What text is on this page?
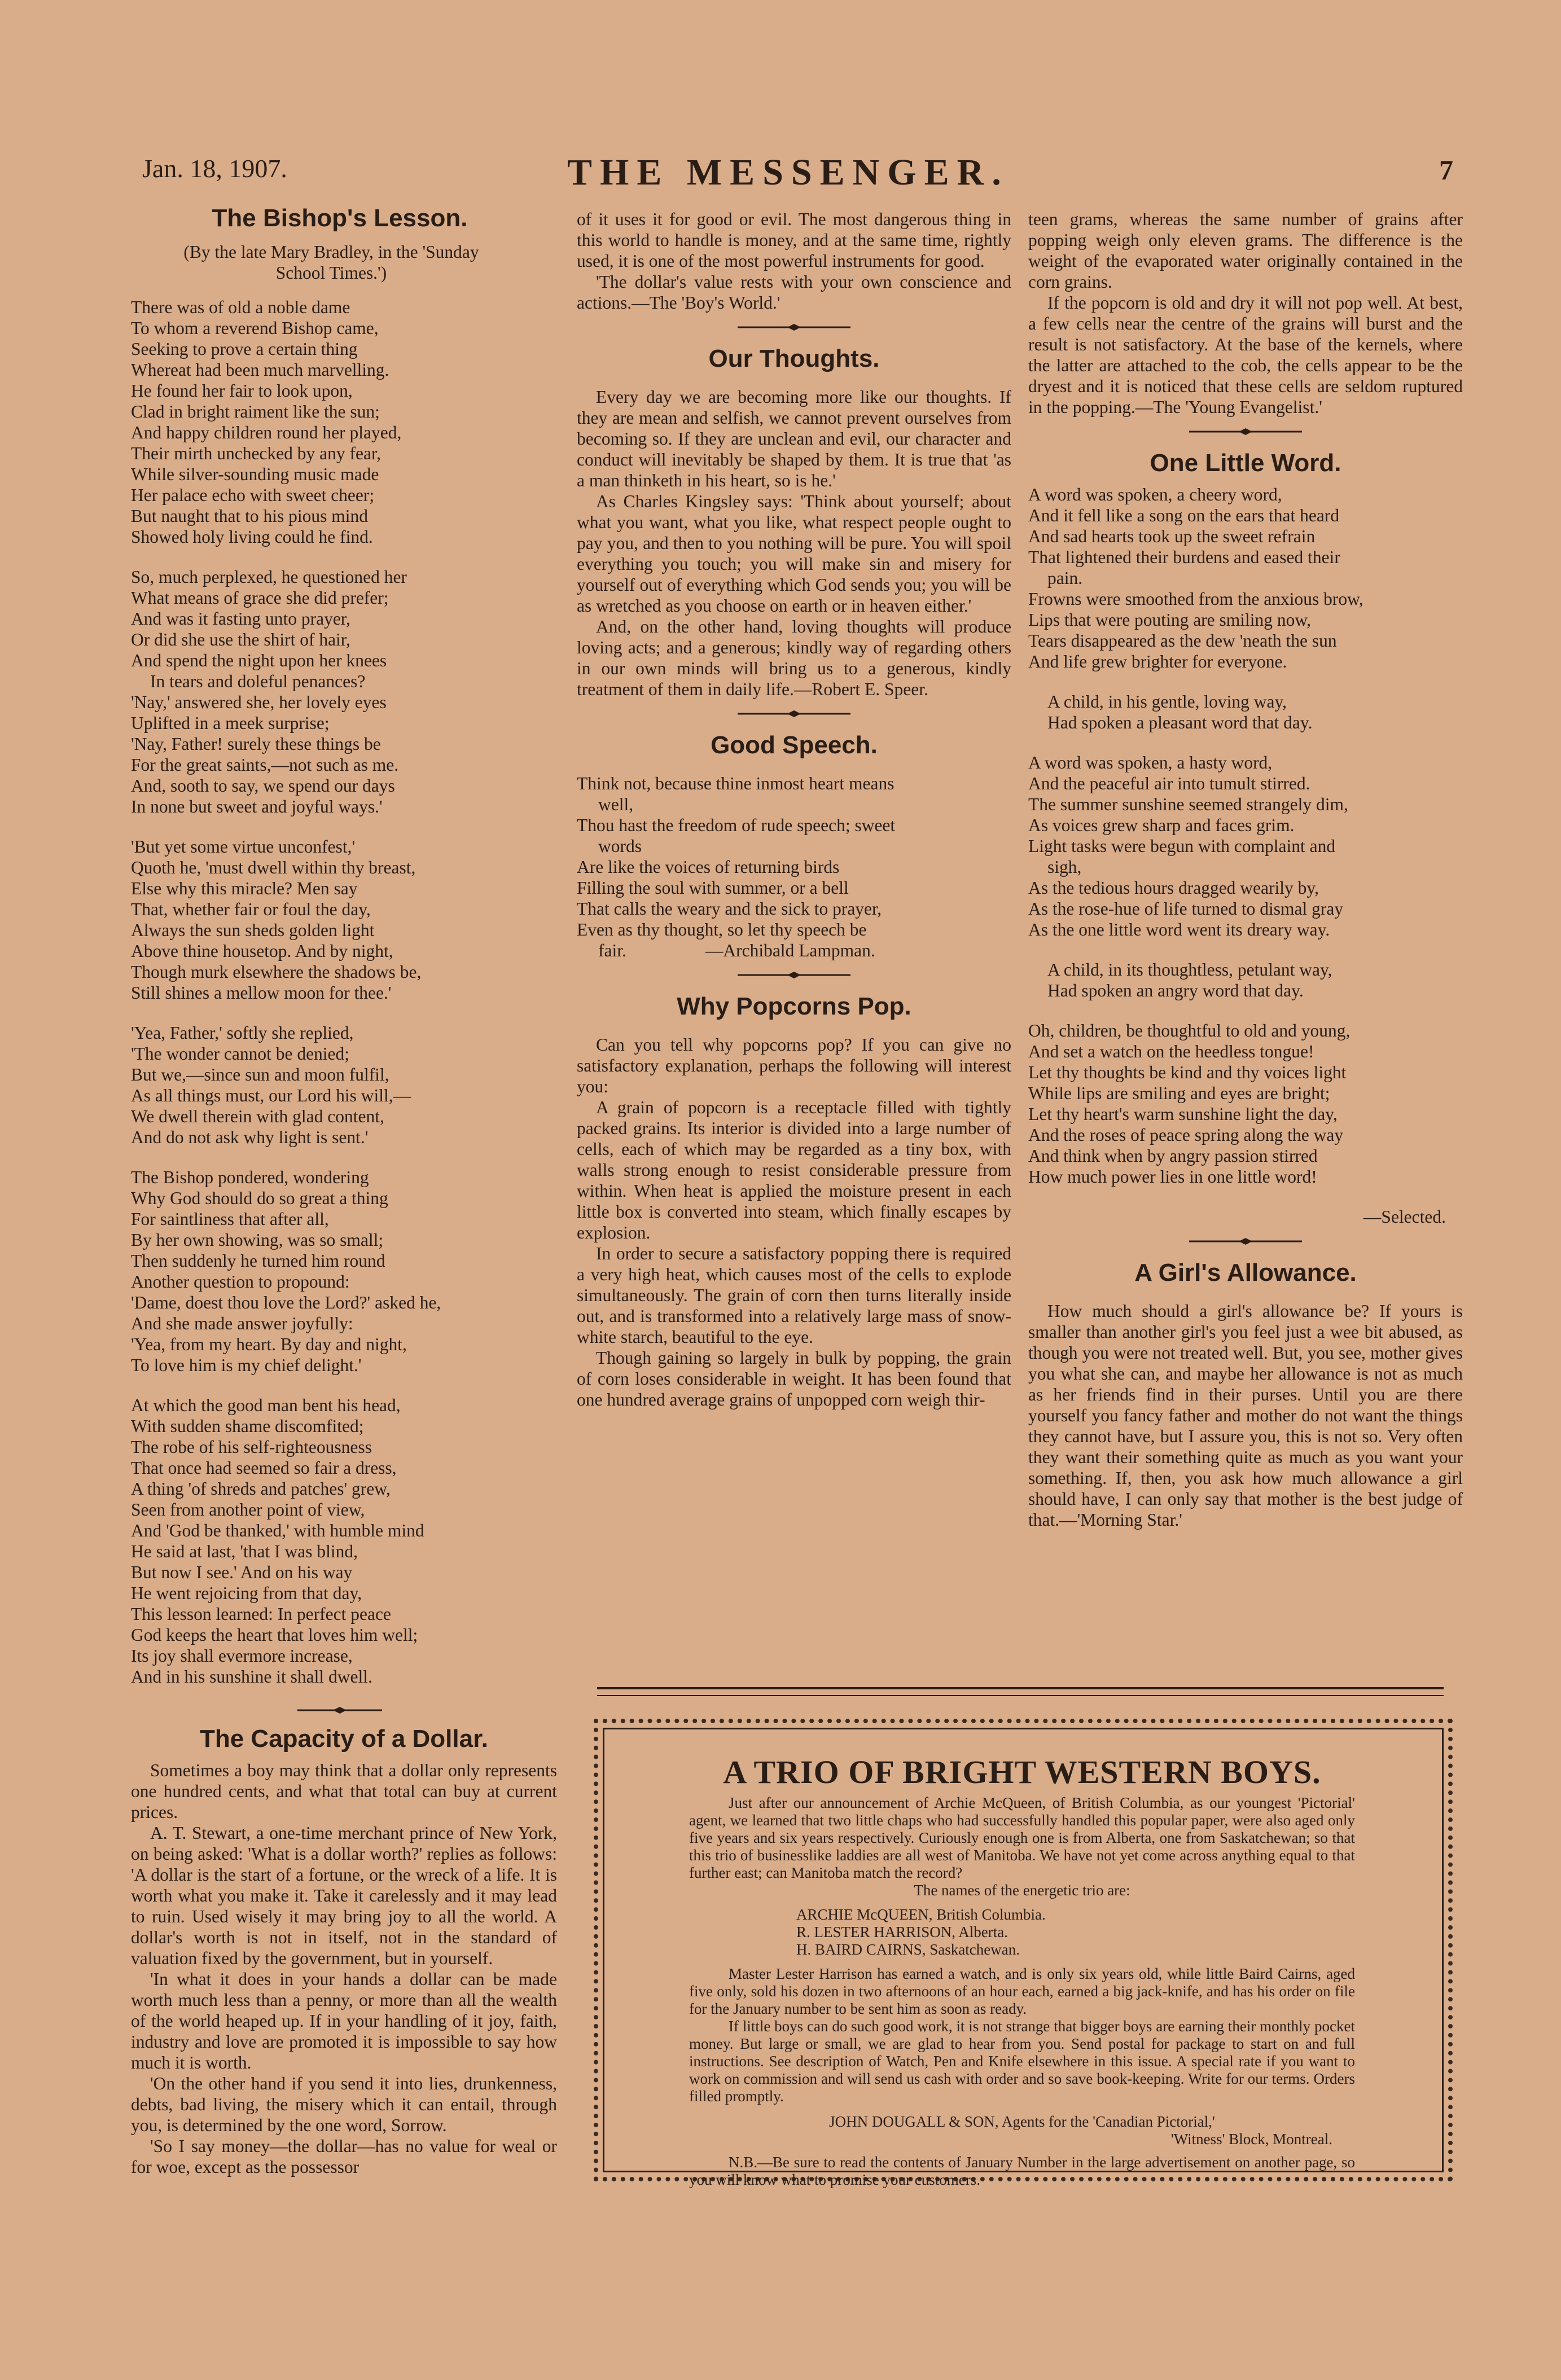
Jan. 18, 1907.	THE MESSENGER.	7
The Bishop's Lesson.
(By the late Mary Bradley, in the 'Sunday
School Times.')
There was of old a noble dame
To whom a reverend Bishop came,
Seeking to prove a certain thing
Whereat had been much marvelling.
He found her fair to look upon,
Clad in bright raiment like the sun;
And happy children round her played,
Their mirth unchecked by any fear,
While silver-sounding music made
Her palace echo with sweet cheer;
But naught that to his pious mind
Showed holy living could he find.
So, much perplexed, he questioned her
What means of grace she did prefer;
And was it fasting unto prayer,
Or did she use the shirt of hair,
And spend the night upon her knees
In tears and doleful penances?
'Nay,' answered she, her lovely eyes
Uplifted in a meek surprise;
'Nay, Father! surely these things be
For the great saints,—not such as me.
And, sooth to say, we spend our days
In none but sweet and joyful ways.'
'But yet some virtue unconfest,'
Quoth he, 'must dwell within thy breast,
Else why this miracle? Men say
That, whether fair or foul the day,
Always the sun sheds golden light
Above thine housetop. And by night,
Though murk elsewhere the shadows be,
Still shines a mellow moon for thee.'
'Yea, Father,' softly she replied,
'The wonder cannot be denied;
But we,—since sun and moon fulfil,
As all things must, our Lord his will,—
We dwell therein with glad content,
And do not ask why light is sent.'
The Bishop pondered, wondering
Why God should do so great a thing
For saintliness that after all,
By her own showing, was so small;
Then suddenly he turned him round
Another question to propound:
'Dame, doest thou love the Lord?' asked he,
And she made answer joyfully:
'Yea, from my heart. By day and night,
To love him is my chief delight.'
At which the good man bent his head,
With sudden shame discomfited;
The robe of his self-righteousness
That once had seemed so fair a dress,
A thing 'of shreds and patches' grew,
Seen from another point of view,
And 'God be thanked,' with humble mind
He said at last, 'that I was blind,
But now I see.' And on his way
He went rejoicing from that day,
This lesson learned: In perfect peace
God keeps the heart that loves him well;
Its joy shall evermore increase,
And in his sunshine it shall dwell.
The Capacity of a Dollar.

Sometimes a boy may think that a dollar only represents one hundred cents, and what that total can buy at current prices.

A. T. Stewart, a one-time merchant prince of New York, on being asked: 'What is a dollar worth?' replies as follows: 'A dollar is the start of a fortune, or the wreck of a life. It is worth what you make it. Take it carelessly and it may lead to ruin. Used wisely it may bring joy to all the world. A dollar's worth is not in itself, not in the standard of valuation fixed by the government, but in yourself.

'In what it does in your hands a dollar can be made worth much less than a penny, or more than all the wealth of the world heaped up. If in your handling of it joy, faith, industry and love are promoted it is impossible to say how much it is worth.

'On the other hand if you send it into lies, drunkenness, debts, bad living, the misery which it can entail, through you, is determined by the one word, Sorrow.

'So I say money—the dollar—has no value for weal or for woe, except as the possessor

of it uses it for good or evil. The most dangerous thing in this world to handle is money, and at the same time, rightly used, it is one of the most powerful instruments for good.

'The dollar's value rests with your own conscience and actions.—The 'Boy's World.'

Our Thoughts.

Every day we are becoming more like our thoughts. If they are mean and selfish, we cannot prevent ourselves from becoming so. If they are unclean and evil, our character and conduct will inevitably be shaped by them. It is true that 'as a man thinketh in his heart, so is he.'

As Charles Kingsley says: 'Think about yourself; about what you want, what you like, what respect people ought to pay you, and then to you nothing will be pure. You will spoil everything you touch; you will make sin and misery for yourself out of everything which God sends you; you will be as wretched as you choose on earth or in heaven either.'

And, on the other hand, loving thoughts will produce loving acts; and a generous; kindly way of regarding others in our own minds will bring us to a generous, kindly treatment of them in daily life.—Robert E. Speer.

Good Speech.
Think not, because thine inmost heart means
well,
Thou hast the freedom of rude speech; sweet
words
Are like the voices of returning birds
Filling the soul with summer, or a bell
That calls the weary and the sick to prayer,
Even as thy thought, so let thy speech be
fair.	—Archibald Lampman.
Why Popcorns Pop.

Can you tell why popcorns pop? If you can give no satisfactory explanation, perhaps the following will interest you:

A grain of popcorn is a receptacle filled with tightly packed grains. Its interior is divided into a large number of cells, each of which may be regarded as a tiny box, with walls strong enough to resist considerable pressure from within. When heat is applied the moisture present in each little box is converted into steam, which finally escapes by explosion.

In order to secure a satisfactory popping there is required a very high heat, which causes most of the cells to explode simultaneously. The grain of corn then turns literally inside out, and is transformed into a relatively large mass of snow-white starch, beautiful to the eye.

Though gaining so largely in bulk by popping, the grain of corn loses considerable in weight. It has been found that one hundred average grains of unpopped corn weigh thir-

teen grams, whereas the same number of grains after popping weigh only eleven grams. The difference is the weight of the evaporated water originally contained in the corn grains.

If the popcorn is old and dry it will not pop well. At best, a few cells near the centre of the grains will burst and the result is not satisfactory. At the base of the kernels, where the latter are attached to the cob, the cells appear to be the dryest and it is noticed that these cells are seldom ruptured in the popping.—The 'Young Evangelist.'

One Little Word.
A word was spoken, a cheery word,
And it fell like a song on the ears that heard
And sad hearts took up the sweet refrain
That lightened their burdens and eased their
pain.
Frowns were smoothed from the anxious brow,
Lips that were pouting are smiling now,
Tears disappeared as the dew 'neath the sun
And life grew brighter for everyone.
A child, in his gentle, loving way,
Had spoken a pleasant word that day.
A word was spoken, a hasty word,
And the peaceful air into tumult stirred.
The summer sunshine seemed strangely dim,
As voices grew sharp and faces grim.
Light tasks were begun with complaint and
sigh,
As the tedious hours dragged wearily by,
As the rose-hue of life turned to dismal gray
As the one little word went its dreary way.
A child, in its thoughtless, petulant way,
Had spoken an angry word that day.
Oh, children, be thoughtful to old and young,
And set a watch on the heedless tongue!
Let thy thoughts be kind and thy voices light
While lips are smiling and eyes are bright;
Let thy heart's warm sunshine light the day,
And the roses of peace spring along the way
And think when by angry passion stirred
How much power lies in one little word!
—Selected.
A Girl's Allowance.

How much should a girl's allowance be? If yours is smaller than another girl's you feel just a wee bit abused, as though you were not treated well. But, you see, mother gives you what she can, and maybe her allowance is not as much as her friends find in their purses. Until you are there yourself you fancy father and mother do not want the things they cannot have, but I assure you, this is not so. Very often they want their something quite as much as you want your something. If, then, you ask how much allowance a girl should have, I can only say that mother is the best judge of that.—'Morning Star.'

A TRIO OF BRIGHT WESTERN BOYS.

Just after our announcement of Archie McQueen, of British Columbia, as our youngest 'Pictorial' agent, we learned that two little chaps who had successfully handled this popular paper, were also aged only five years and six years respectively. Curiously enough one is from Alberta, one from Saskatchewan; so that this trio of businesslike laddies are all west of Manitoba. We have not yet come across anything equal to that further east; can Manitoba match the record?

The names of the energetic trio are:
ARCHIE McQUEEN, British Columbia.
R. LESTER HARRISON, Alberta.
H. BAIRD CAIRNS, Saskatchewan.

Master Lester Harrison has earned a watch, and is only six years old, while little Baird Cairns, aged five only, sold his dozen in two afternoons of an hour each, earned a big jack-knife, and has his order on file for the January number to be sent him as soon as ready.

If little boys can do such good work, it is not strange that bigger boys are earning their monthly pocket money. But large or small, we are glad to hear from you. Send postal for package to start on and full instructions. See description of Watch, Pen and Knife elsewhere in this issue. A special rate if you want to work on commission and will send us cash with order and so save book-keeping. Write for our terms. Orders filled promptly.

JOHN DOUGALL & SON, Agents for the 'Canadian Pictorial,'
'Witness' Block, Montreal.

N.B.—Be sure to read the contents of January Number in the large advertisement on another page, so you will know what to promise your customers.
